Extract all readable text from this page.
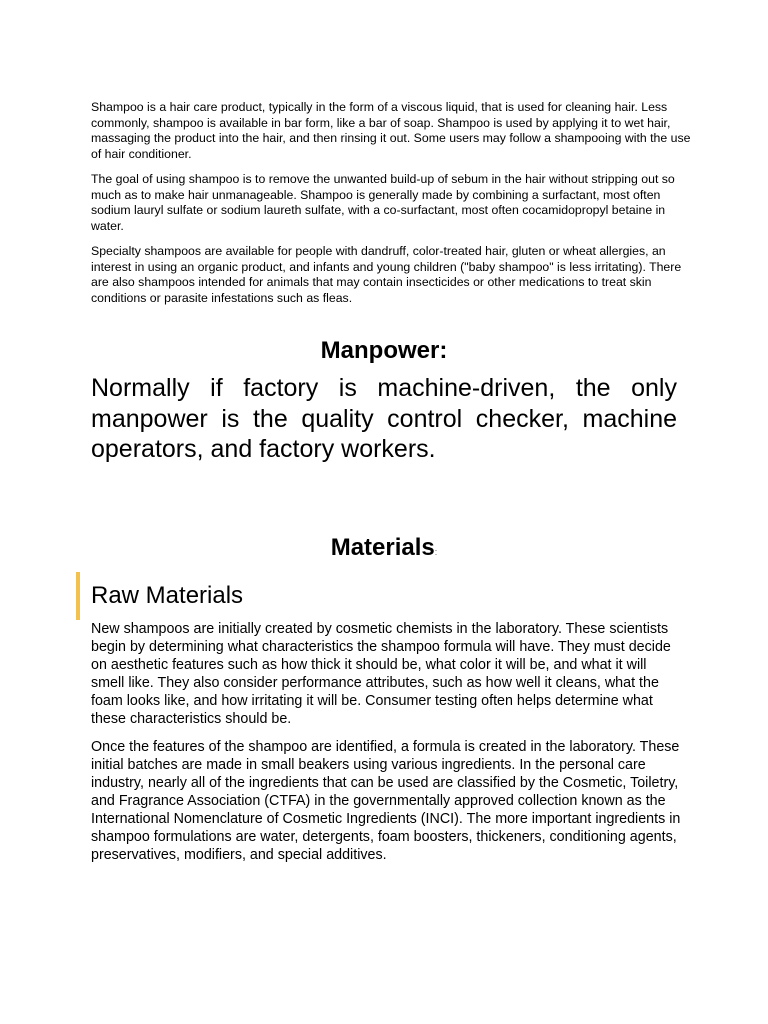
Shampoo is a hair care product, typically in the form of a viscous liquid, that is used for cleaning hair. Less commonly, shampoo is available in bar form, like a bar of soap. Shampoo is used by applying it to wet hair, massaging the product into the hair, and then rinsing it out. Some users may follow a shampooing with the use of hair conditioner.

The goal of using shampoo is to remove the unwanted build-up of sebum in the hair without stripping out so much as to make hair unmanageable. Shampoo is generally made by combining a surfactant, most often sodium lauryl sulfate or sodium laureth sulfate, with a co-surfactant, most often cocamidopropyl betaine in water.

Specialty shampoos are available for people with dandruff, color-treated hair, gluten or wheat allergies, an interest in using an organic product, and infants and young children ("baby shampoo" is less irritating). There are also shampoos intended for animals that may contain insecticides or other medications to treat skin conditions or parasite infestations such as fleas.

Manpower:

Normally if factory is machine-driven, the only manpower is the quality control checker, machine operators, and factory workers.

Materials:
Raw Materials

New shampoos are initially created by cosmetic chemists in the laboratory. These scientists begin by determining what characteristics the shampoo formula will have. They must decide on aesthetic features such as how thick it should be, what color it will be, and what it will smell like. They also consider performance attributes, such as how well it cleans, what the foam looks like, and how irritating it will be. Consumer testing often helps determine what these characteristics should be.

Once the features of the shampoo are identified, a formula is created in the laboratory. These initial batches are made in small beakers using various ingredients. In the personal care industry, nearly all of the ingredients that can be used are classified by the Cosmetic, Toiletry, and Fragrance Association (CTFA) in the governmentally approved collection known as the International Nomenclature of Cosmetic Ingredients (INCI). The more important ingredients in shampoo formulations are water, detergents, foam boosters, thickeners, conditioning agents, preservatives, modifiers, and special additives.
